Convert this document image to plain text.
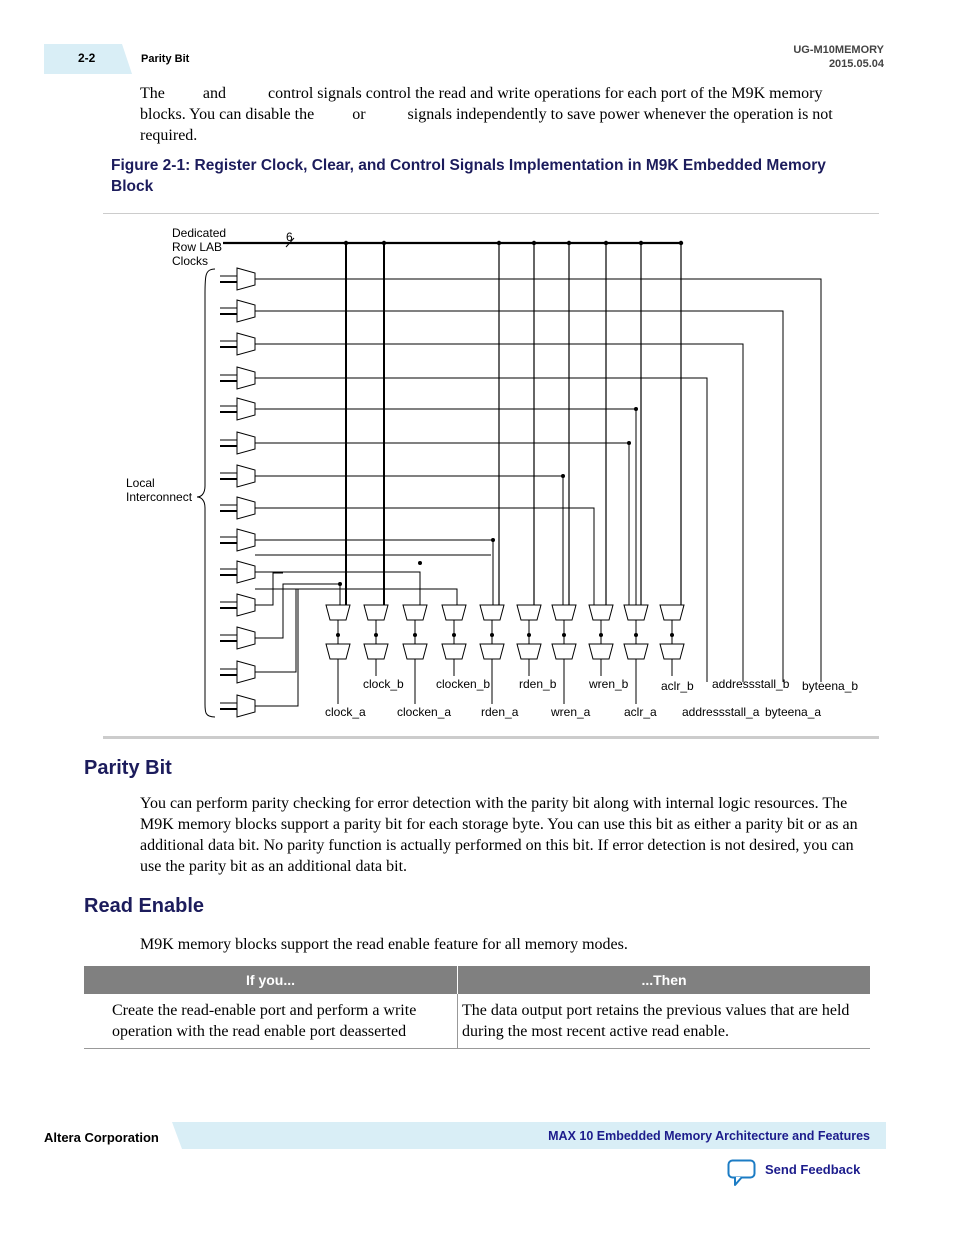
2-2	Parity Bit
UG-M10MEMORY
2015.05.04
The and	control signals control the read and write operations for each port of the M9K memory blocks. You can disable the or	signals independently to save power whenever the operation is not required.
Figure 2-1: Register Clock, Clear, and Control Signals Implementation in M9K Embedded Memory Block
Dedicated
Row LAB
Clocks
6
Local
Interconnect
clock_a
clock_b
clocken_a
clocken_b
rden_a
rden_b
wren_a
wren_b
aclr_a
aclr_b
addressstall_a
addressstall_b
byteena_a
byteena_b
Parity Bit
You can perform parity checking for error detection with the parity bit along with internal logic resources. The M9K memory blocks support a parity bit for each storage byte. You can use this bit as either a parity bit or as an additional data bit. No parity function is actually performed on this bit. If error detection is not desired, you can use the parity bit as an additional data bit.
Read Enable
M9K memory blocks support the read enable feature for all memory modes.
If you...	...Then
Create the read-enable port and perform a write operation with the read enable port deasserted	The data output port retains the previous values that are held during the most recent active read enable.
Altera Corporation	MAX 10 Embedded Memory Architecture and Features
Send Feedback
